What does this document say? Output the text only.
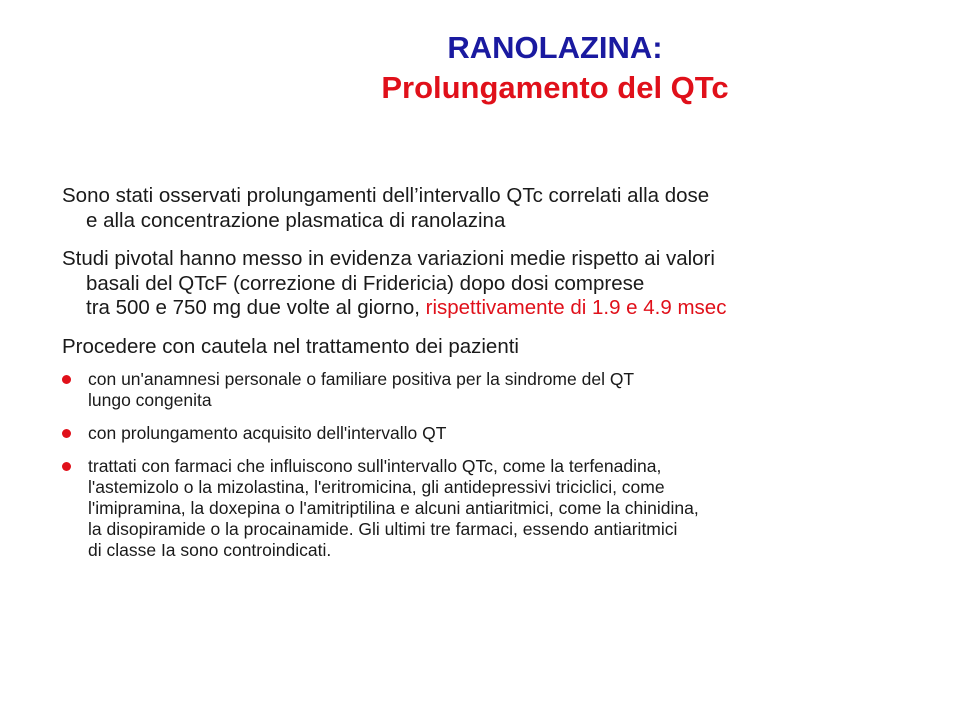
RANOLAZINA:
Prolungamento del QTc

Sono stati osservati prolungamenti dell’intervallo QTc correlati alla dose
e alla concentrazione plasmatica di ranolazina

Studi pivotal hanno messo in evidenza variazioni medie rispetto ai valori
basali del QTcF (correzione di Fridericia) dopo dosi comprese
tra 500 e 750 mg due volte al giorno, rispettivamente di 1.9 e 4.9 msec

Procedere con cautela nel trattamento dei pazienti

con un'anamnesi personale o familiare positiva per la sindrome del QT
lungo congenita
con prolungamento acquisito dell'intervallo QT
trattati con farmaci che influiscono sull'intervallo QTc, come la terfenadina,
l'astemizolo o la mizolastina, l'eritromicina, gli antidepressivi triciclici, come
l'imipramina, la doxepina o l'amitriptilina e alcuni antiaritmici, come la chinidina,
la disopiramide o la procainamide. Gli ultimi tre farmaci, essendo antiaritmici
di classe Ia sono controindicati.
